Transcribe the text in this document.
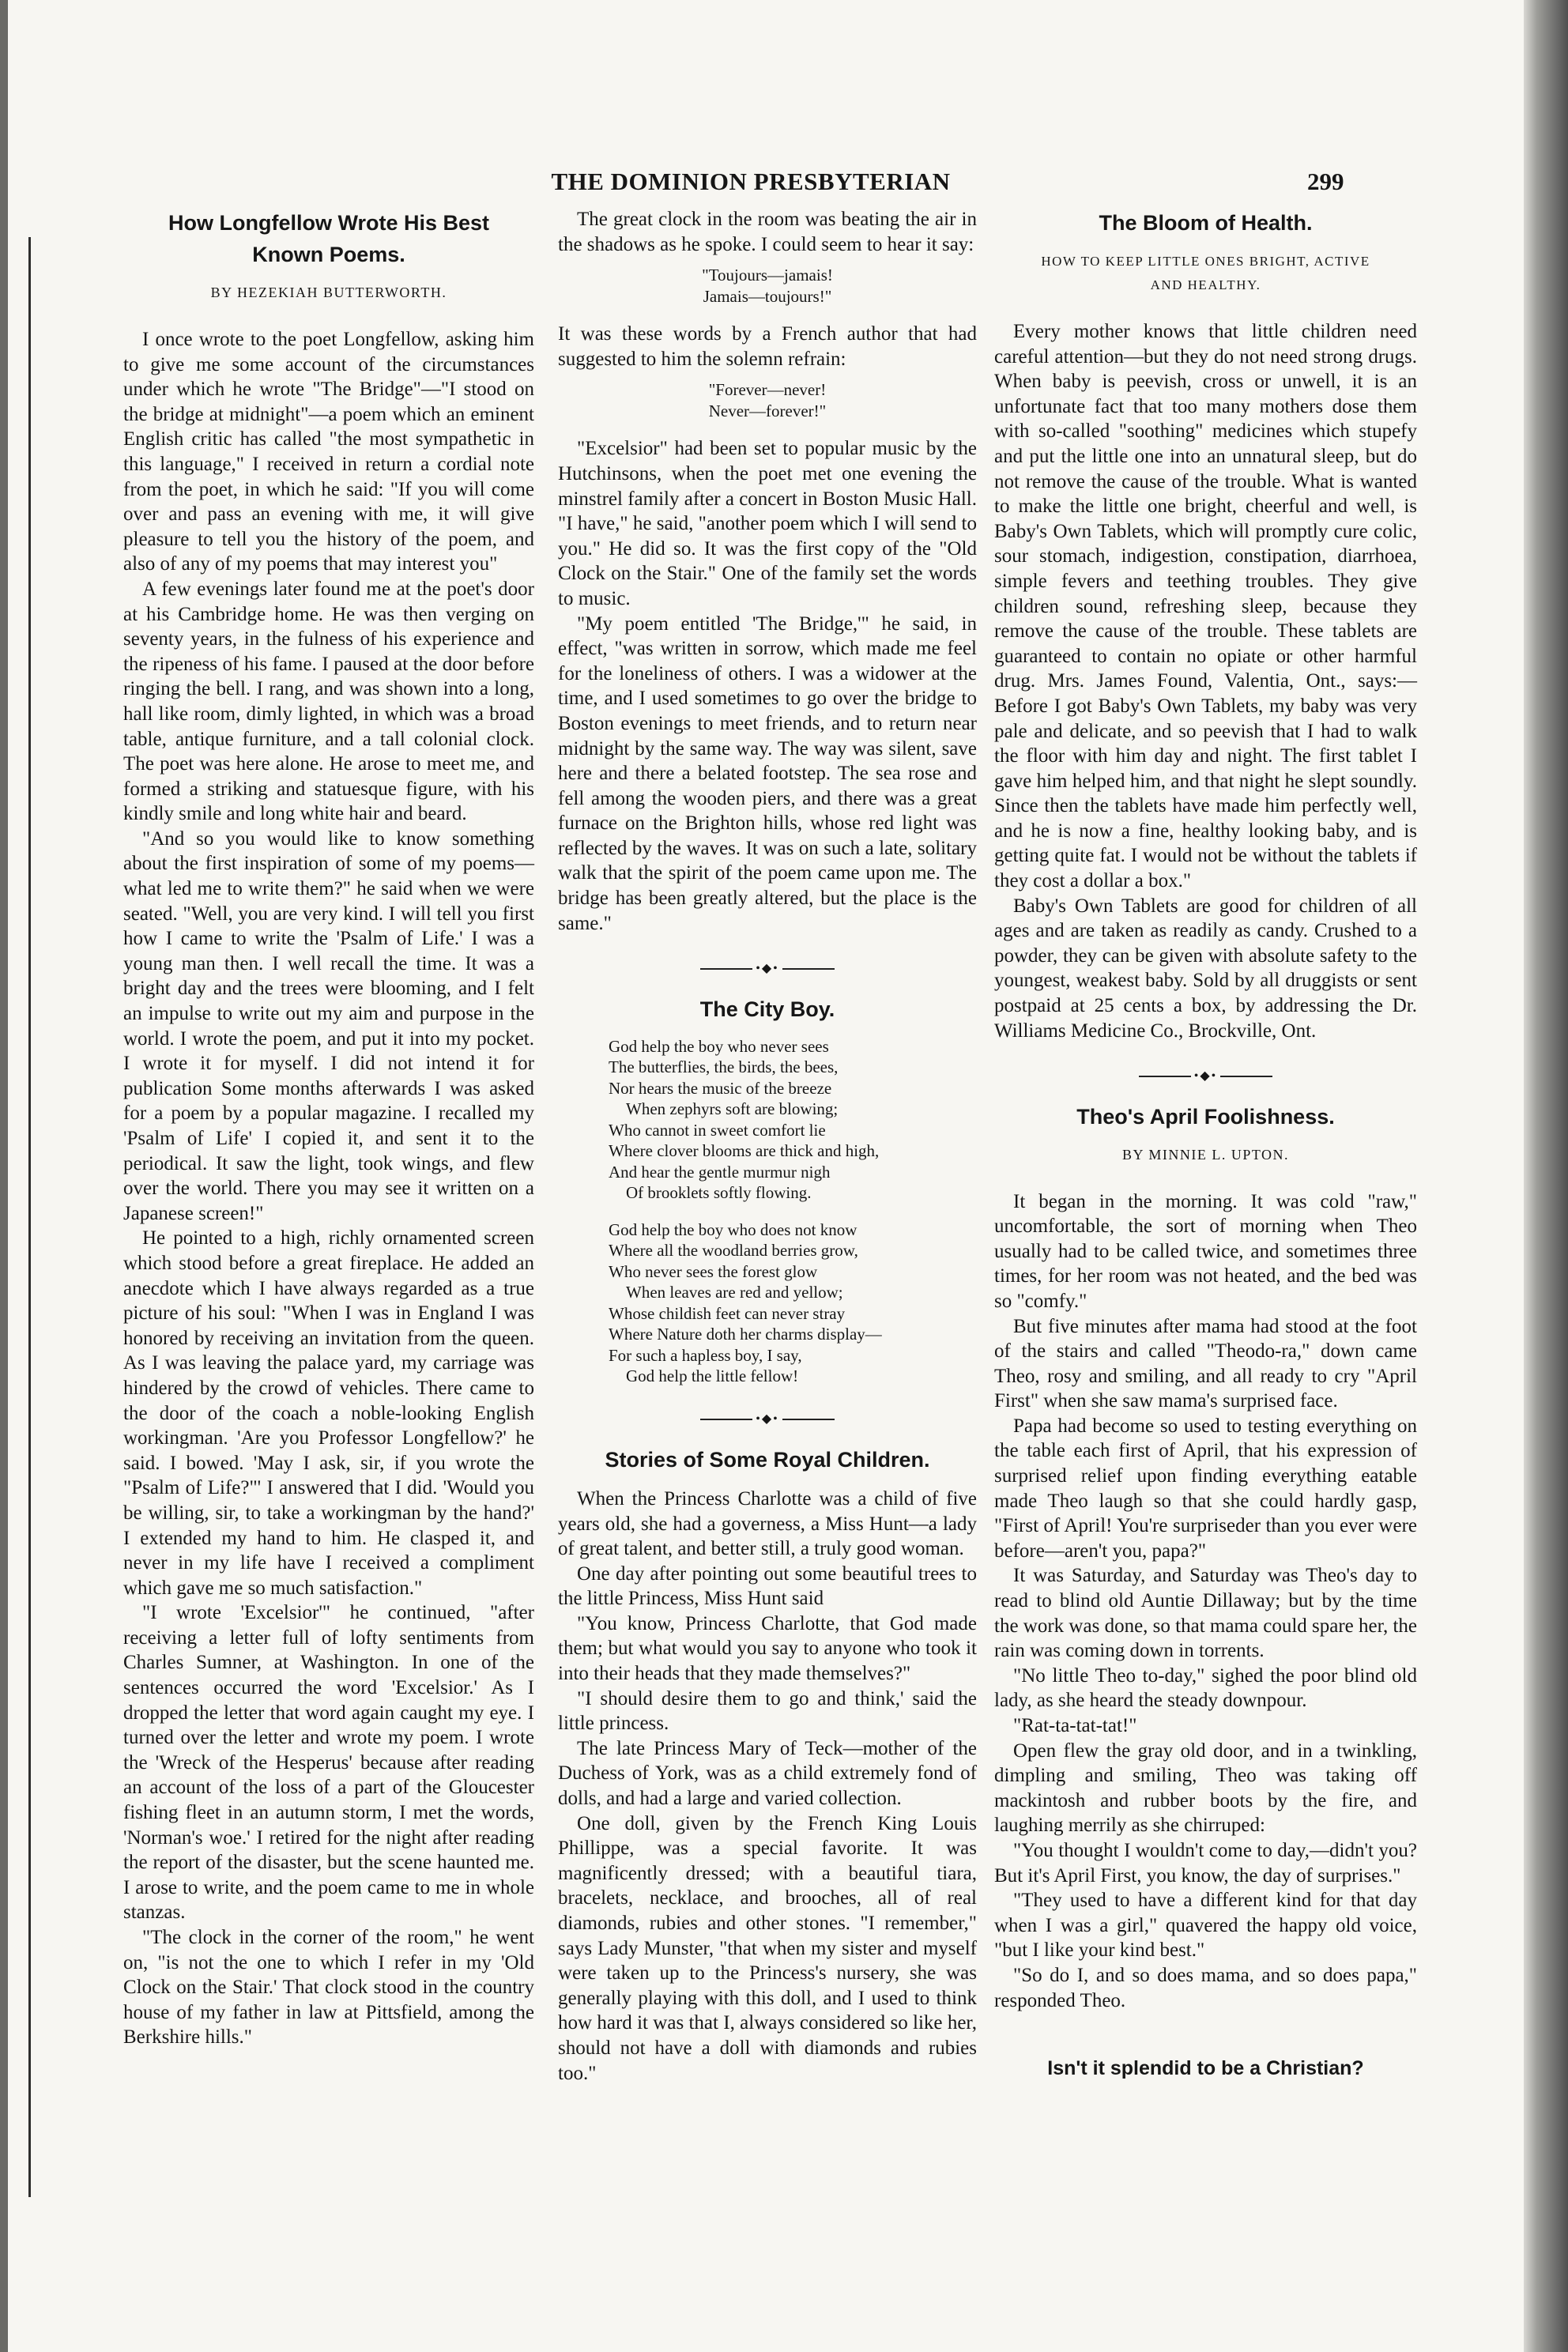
THE DOMINION PRESBYTERIAN	299
How Longfellow Wrote His Best
Known Poems.
BY HEZEKIAH BUTTERWORTH.

I once wrote to the poet Longfellow, asking him to give me some account of the circumstances under which he wrote "The Bridge"—"I stood on the bridge at midnight"—a poem which an eminent English critic has called "the most sympathetic in this language," I received in return a cordial note from the poet, in which he said: "If you will come over and pass an evening with me, it will give pleasure to tell you the history of the poem, and also of any of my poems that may interest you"

A few evenings later found me at the poet's door at his Cambridge home. He was then verging on seventy years, in the fulness of his experience and the ripeness of his fame. I paused at the door before ringing the bell. I rang, and was shown into a long, hall like room, dimly lighted, in which was a broad table, antique furniture, and a tall colonial clock. The poet was here alone. He arose to meet me, and formed a striking and statuesque figure, with his kindly smile and long white hair and beard.

"And so you would like to know something about the first inspiration of some of my poems—what led me to write them?" he said when we were seated. "Well, you are very kind. I will tell you first how I came to write the 'Psalm of Life.' I was a young man then. I well recall the time. It was a bright day and the trees were blooming, and I felt an impulse to write out my aim and purpose in the world. I wrote the poem, and put it into my pocket. I wrote it for myself. I did not intend it for publication Some months afterwards I was asked for a poem by a popular magazine. I recalled my 'Psalm of Life' I copied it, and sent it to the periodical. It saw the light, took wings, and flew over the world. There you may see it written on a Japanese screen!"

He pointed to a high, richly ornamented screen which stood before a great fireplace. He added an anecdote which I have always regarded as a true picture of his soul: "When I was in England I was honored by receiving an invitation from the queen. As I was leaving the palace yard, my carriage was hindered by the crowd of vehicles. There came to the door of the coach a noble-looking English workingman. 'Are you Professor Longfellow?' he said. I bowed. 'May I ask, sir, if you wrote the "Psalm of Life?"' I answered that I did. 'Would you be willing, sir, to take a workingman by the hand?' I extended my hand to him. He clasped it, and never in my life have I received a compliment which gave me so much satisfaction."

"I wrote 'Excelsior'" he continued, "after receiving a letter full of lofty sentiments from Charles Sumner, at Washington. In one of the sentences occurred the word 'Excelsior.' As I dropped the letter that word again caught my eye. I turned over the letter and wrote my poem. I wrote the 'Wreck of the Hesperus' because after reading an account of the loss of a part of the Gloucester fishing fleet in an autumn storm, I met the words, 'Norman's woe.' I retired for the night after reading the report of the disaster, but the scene haunted me. I arose to write, and the poem came to me in whole stanzas.

"The clock in the corner of the room," he went on, "is not the one to which I refer in my 'Old Clock on the Stair.' That clock stood in the country house of my father in law at Pittsfield, among the Berkshire hills."

The great clock in the room was beating the air in the shadows as he spoke. I could seem to hear it say:

"Toujours—jamais!
Jamais—toujours!"

It was these words by a French author that had suggested to him the solemn refrain:

"Forever—never!
Never—forever!"

"Excelsior" had been set to popular music by the Hutchinsons, when the poet met one evening the minstrel family after a concert in Boston Music Hall. "I have," he said, "another poem which I will send to you." He did so. It was the first copy of the "Old Clock on the Stair." One of the family set the words to music.

"My poem entitled 'The Bridge,'" he said, in effect, "was written in sorrow, which made me feel for the loneliness of others. I was a widower at the time, and I used sometimes to go over the bridge to Boston evenings to meet friends, and to return near midnight by the same way. The way was silent, save here and there a belated footstep. The sea rose and fell among the wooden piers, and there was a great furnace on the Brighton hills, whose red light was reflected by the waves. It was on such a late, solitary walk that the spirit of the poem came upon me. The bridge has been greatly altered, but the place is the same."

•◆•
The City Boy.
God help the boy who never sees
The butterflies, the birds, the bees,
Nor hears the music of the breeze
When zephyrs soft are blowing;
Who cannot in sweet comfort lie
Where clover blooms are thick and high,
And hear the gentle murmur nigh
Of brooklets softly flowing.
God help the boy who does not know
Where all the woodland berries grow,
Who never sees the forest glow
When leaves are red and yellow;
Whose childish feet can never stray
Where Nature doth her charms display—
For such a hapless boy, I say,
God help the little fellow!
•◆•
Stories of Some Royal Children.

When the Princess Charlotte was a child of five years old, she had a governess, a Miss Hunt—a lady of great talent, and better still, a truly good woman.

One day after pointing out some beautiful trees to the little Princess, Miss Hunt said

"You know, Princess Charlotte, that God made them; but what would you say to anyone who took it into their heads that they made themselves?"

"I should desire them to go and think,' said the little princess.

The late Princess Mary of Teck—mother of the Duchess of York, was as a child extremely fond of dolls, and had a large and varied collection.

One doll, given by the French King Louis Phillippe, was a special favorite. It was magnificently dressed; with a beautiful tiara, bracelets, necklace, and brooches, all of real diamonds, rubies and other stones. "I remember," says Lady Munster, "that when my sister and myself were taken up to the Princess's nursery, she was generally playing with this doll, and I used to think how hard it was that I, always considered so like her, should not have a doll with diamonds and rubies too."

The Bloom of Health.
HOW TO KEEP LITTLE ONES BRIGHT, ACTIVE
AND HEALTHY.

Every mother knows that little children need careful attention—but they do not need strong drugs. When baby is peevish, cross or unwell, it is an unfortunate fact that too many mothers dose them with so-called "soothing" medicines which stupefy and put the little one into an unnatural sleep, but do not remove the cause of the trouble. What is wanted to make the little one bright, cheerful and well, is Baby's Own Tablets, which will promptly cure colic, sour stomach, indigestion, constipation, diarrhoea, simple fevers and teething troubles. They give children sound, refreshing sleep, because they remove the cause of the trouble. These tablets are guaranteed to contain no opiate or other harmful drug. Mrs. James Found, Valentia, Ont., says:—Before I got Baby's Own Tablets, my baby was very pale and delicate, and so peevish that I had to walk the floor with him day and night. The first tablet I gave him helped him, and that night he slept soundly. Since then the tablets have made him perfectly well, and he is now a fine, healthy looking baby, and is getting quite fat. I would not be without the tablets if they cost a dollar a box."

Baby's Own Tablets are good for children of all ages and are taken as readily as candy. Crushed to a powder, they can be given with absolute safety to the youngest, weakest baby. Sold by all druggists or sent postpaid at 25 cents a box, by addressing the Dr. Williams Medicine Co., Brockville, Ont.

•◆•
Theo's April Foolishness.
BY MINNIE L. UPTON.

It began in the morning. It was cold "raw," uncomfortable, the sort of morning when Theo usually had to be called twice, and sometimes three times, for her room was not heated, and the bed was so "comfy."

But five minutes after mama had stood at the foot of the stairs and called "Theodo-ra," down came Theo, rosy and smiling, and all ready to cry "April First" when she saw mama's surprised face.

Papa had become so used to testing everything on the table each first of April, that his expression of surprised relief upon finding everything eatable made Theo laugh so that she could hardly gasp, "First of April! You're surpriseder than you ever were before—aren't you, papa?"

It was Saturday, and Saturday was Theo's day to read to blind old Auntie Dillaway; but by the time the work was done, so that mama could spare her, the rain was coming down in torrents.

"No little Theo to-day," sighed the poor blind old lady, as she heard the steady downpour.

"Rat-ta-tat-tat!"

Open flew the gray old door, and in a twinkling, dimpling and smiling, Theo was taking off mackintosh and rubber boots by the fire, and laughing merrily as she chirruped:

"You thought I wouldn't come to day,—didn't you? But it's April First, you know, the day of surprises."

"They used to have a different kind for that day when I was a girl," quavered the happy old voice, "but I like your kind best."

"So do I, and so does mama, and so does papa," responded Theo.

Isn't it splendid to be a Christian?
